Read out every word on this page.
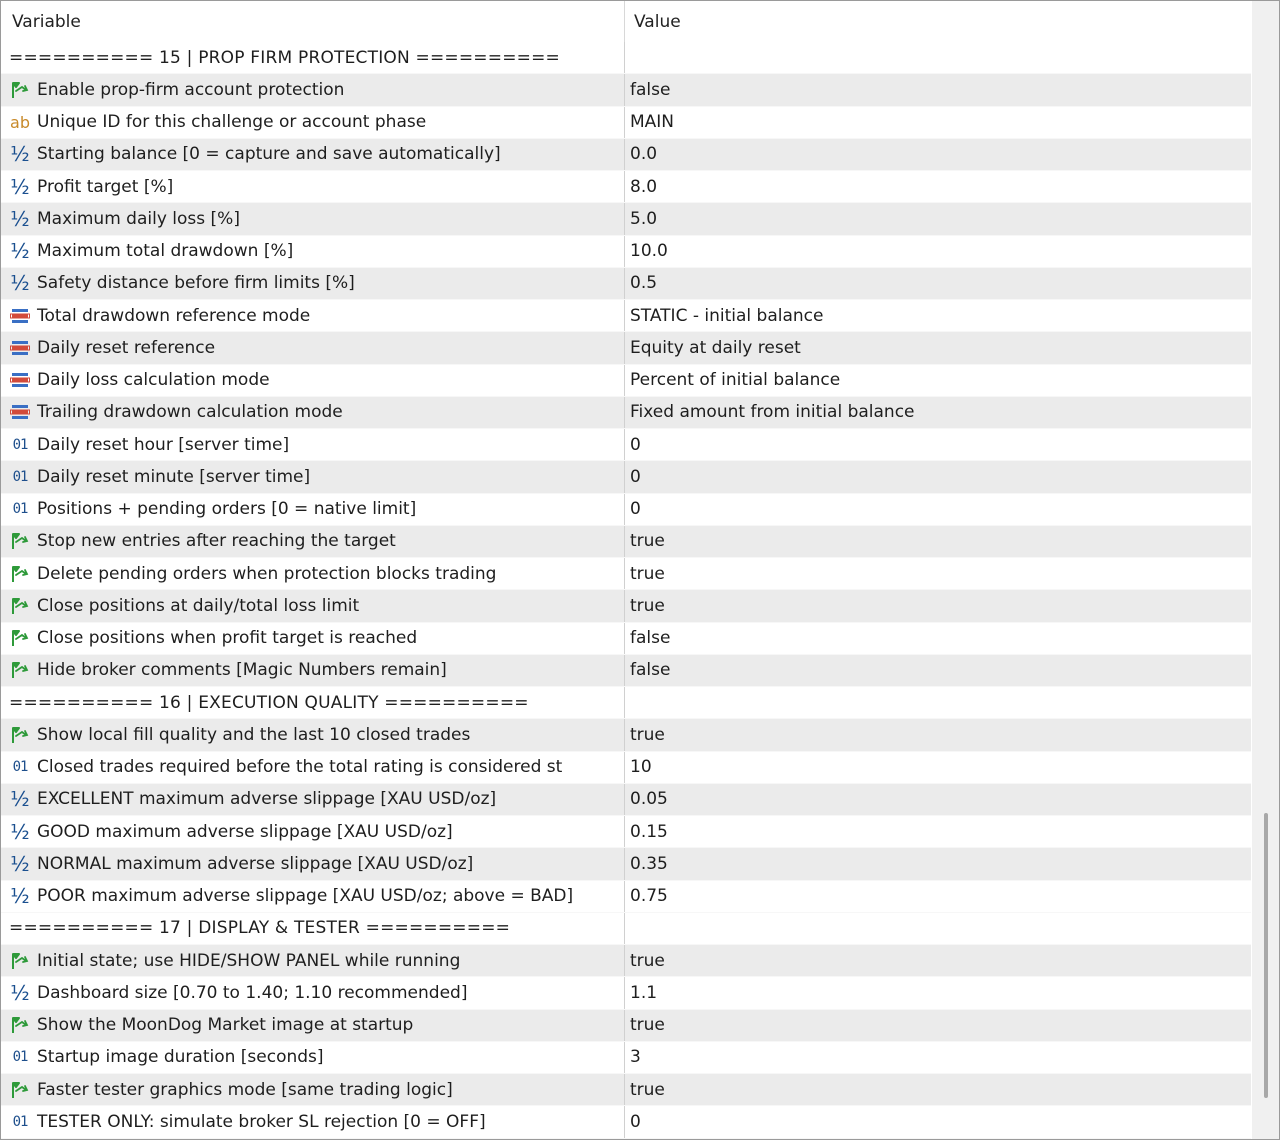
Variable	Value
========== 15 | PROP FIRM PROTECTION ==========
Enable prop-firm account protection	false
ab Unique ID for this challenge or account phase	MAIN
½ Starting balance [0 = capture and save automatically]	0.0
½ Profit target [%]	8.0
½ Maximum daily loss [%]	5.0
½ Maximum total drawdown [%]	10.0
½ Safety distance before firm limits [%]	0.5
Total drawdown reference mode	STATIC - initial balance
Daily reset reference	Equity at daily reset
Daily loss calculation mode	Percent of initial balance
Trailing drawdown calculation mode	Fixed amount from initial balance
01 Daily reset hour [server time]	0
01 Daily reset minute [server time]	0
01 Positions + pending orders [0 = native limit]	0
Stop new entries after reaching the target	true
Delete pending orders when protection blocks trading	true
Close positions at daily/total loss limit	true
Close positions when profit target is reached	false
Hide broker comments [Magic Numbers remain]	false
========== 16 | EXECUTION QUALITY ==========
Show local fill quality and the last 10 closed trades	true
01 Closed trades required before the total rating is considered st	10
½ EXCELLENT maximum adverse slippage [XAU USD/oz]	0.05
½ GOOD maximum adverse slippage [XAU USD/oz]	0.15
½ NORMAL maximum adverse slippage [XAU USD/oz]	0.35
½ POOR maximum adverse slippage [XAU USD/oz; above = BAD]	0.75
========== 17 | DISPLAY & TESTER ==========
Initial state; use HIDE/SHOW PANEL while running	true
½ Dashboard size [0.70 to 1.40; 1.10 recommended]	1.1
Show the MoonDog Market image at startup	true
01 Startup image duration [seconds]	3
Faster tester graphics mode [same trading logic]	true
01 TESTER ONLY: simulate broker SL rejection [0 = OFF]	0
